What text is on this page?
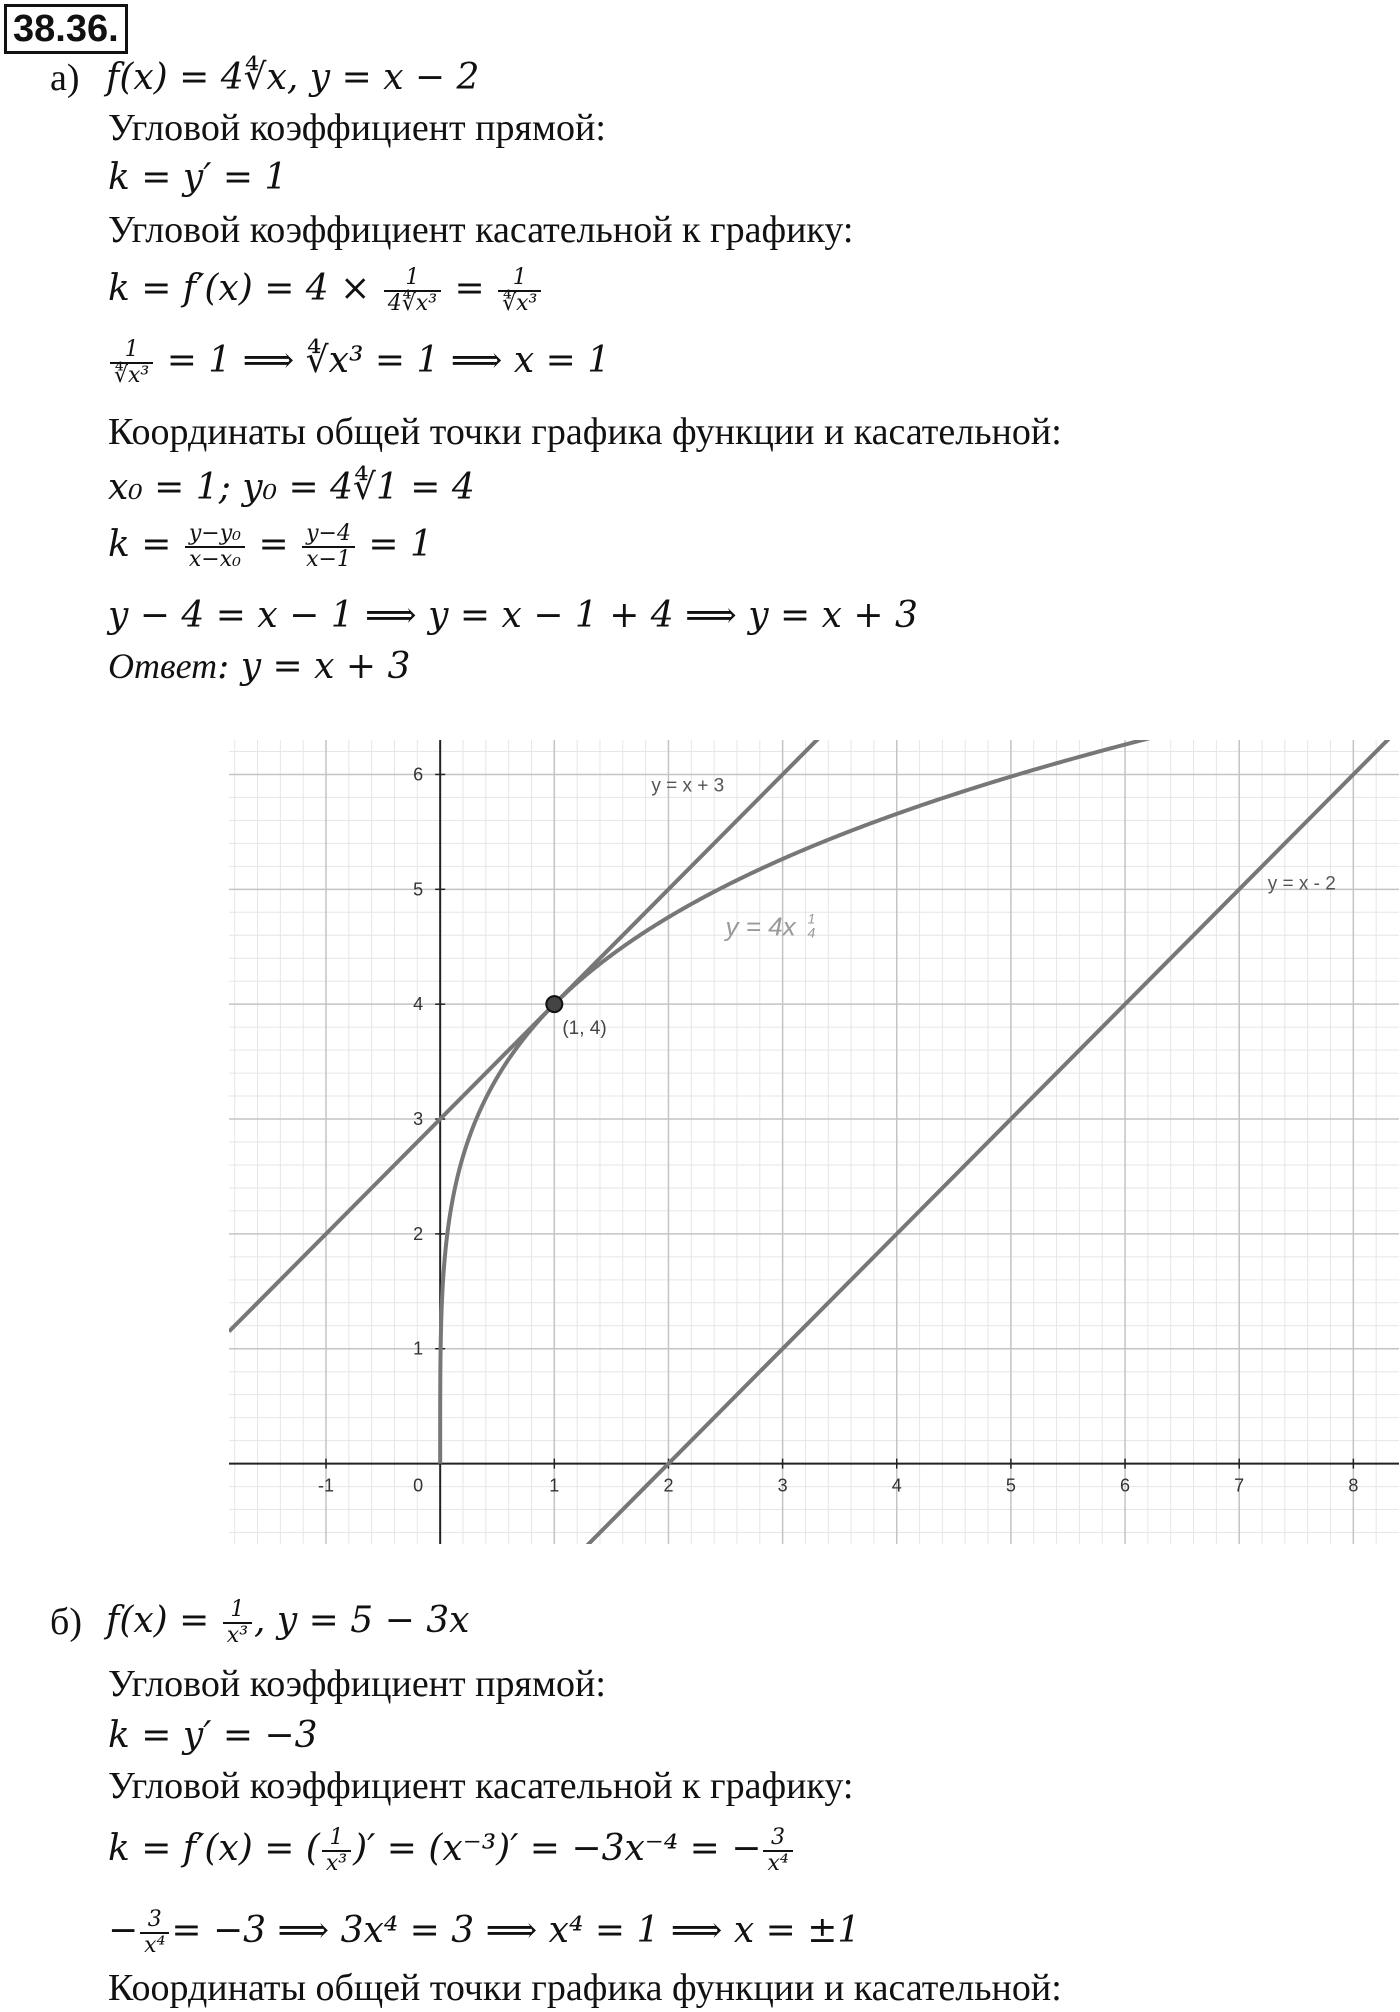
38.36.
а) f(x) = 4∜x, y = x − 2
Угловой коэффициент прямой:
k = y′ = 1
Угловой коэффициент касательной к графику:
$k = f'(x) = 4 \times \frac{1}{\text{4∜x³}} = \frac{1}{\text{∜x³}}$
$\frac{1}{\text{∜x³}} = 1$ ⟹ ∜x³ = 1 ⟹ x = 1
Координаты общей точки графика функции и касательной:
x₀ = 1; y₀ = 4∜1 = 4
$k = \frac{\text{y−y₀}}{\text{x−x₀}} = \frac{y-4}{x-1} = 1$
y − 4 = x − 1 ⟹ y = x − 1 + 4 ⟹ y = x + 3
Ответ: y = x + 3
-1	0	1	2	3	4	5	6	7	8
1
2
3
4
5
6
y = x + 3
y = x - 2
y = 4x 1
4
(1, 4)
б) $f(x) = \frac{1}{\text{x³}}$ , y = 5 − 3x
Угловой коэффициент прямой:
k = y′ = −3
Угловой коэффициент касательной к графику:
k = f′(x) = ( $\frac{1}{\text{x³}}$ )′ = (x⁻³)′ = −3x⁻⁴ = − $\frac{3}{\text{x⁴}}$
− $\frac{3}{\text{x⁴}} = -3$ ⟹ 3x⁴ = 3 ⟹ x⁴ = 1 ⟹ x = ±1
Координаты общей точки графика функции и касательной:
